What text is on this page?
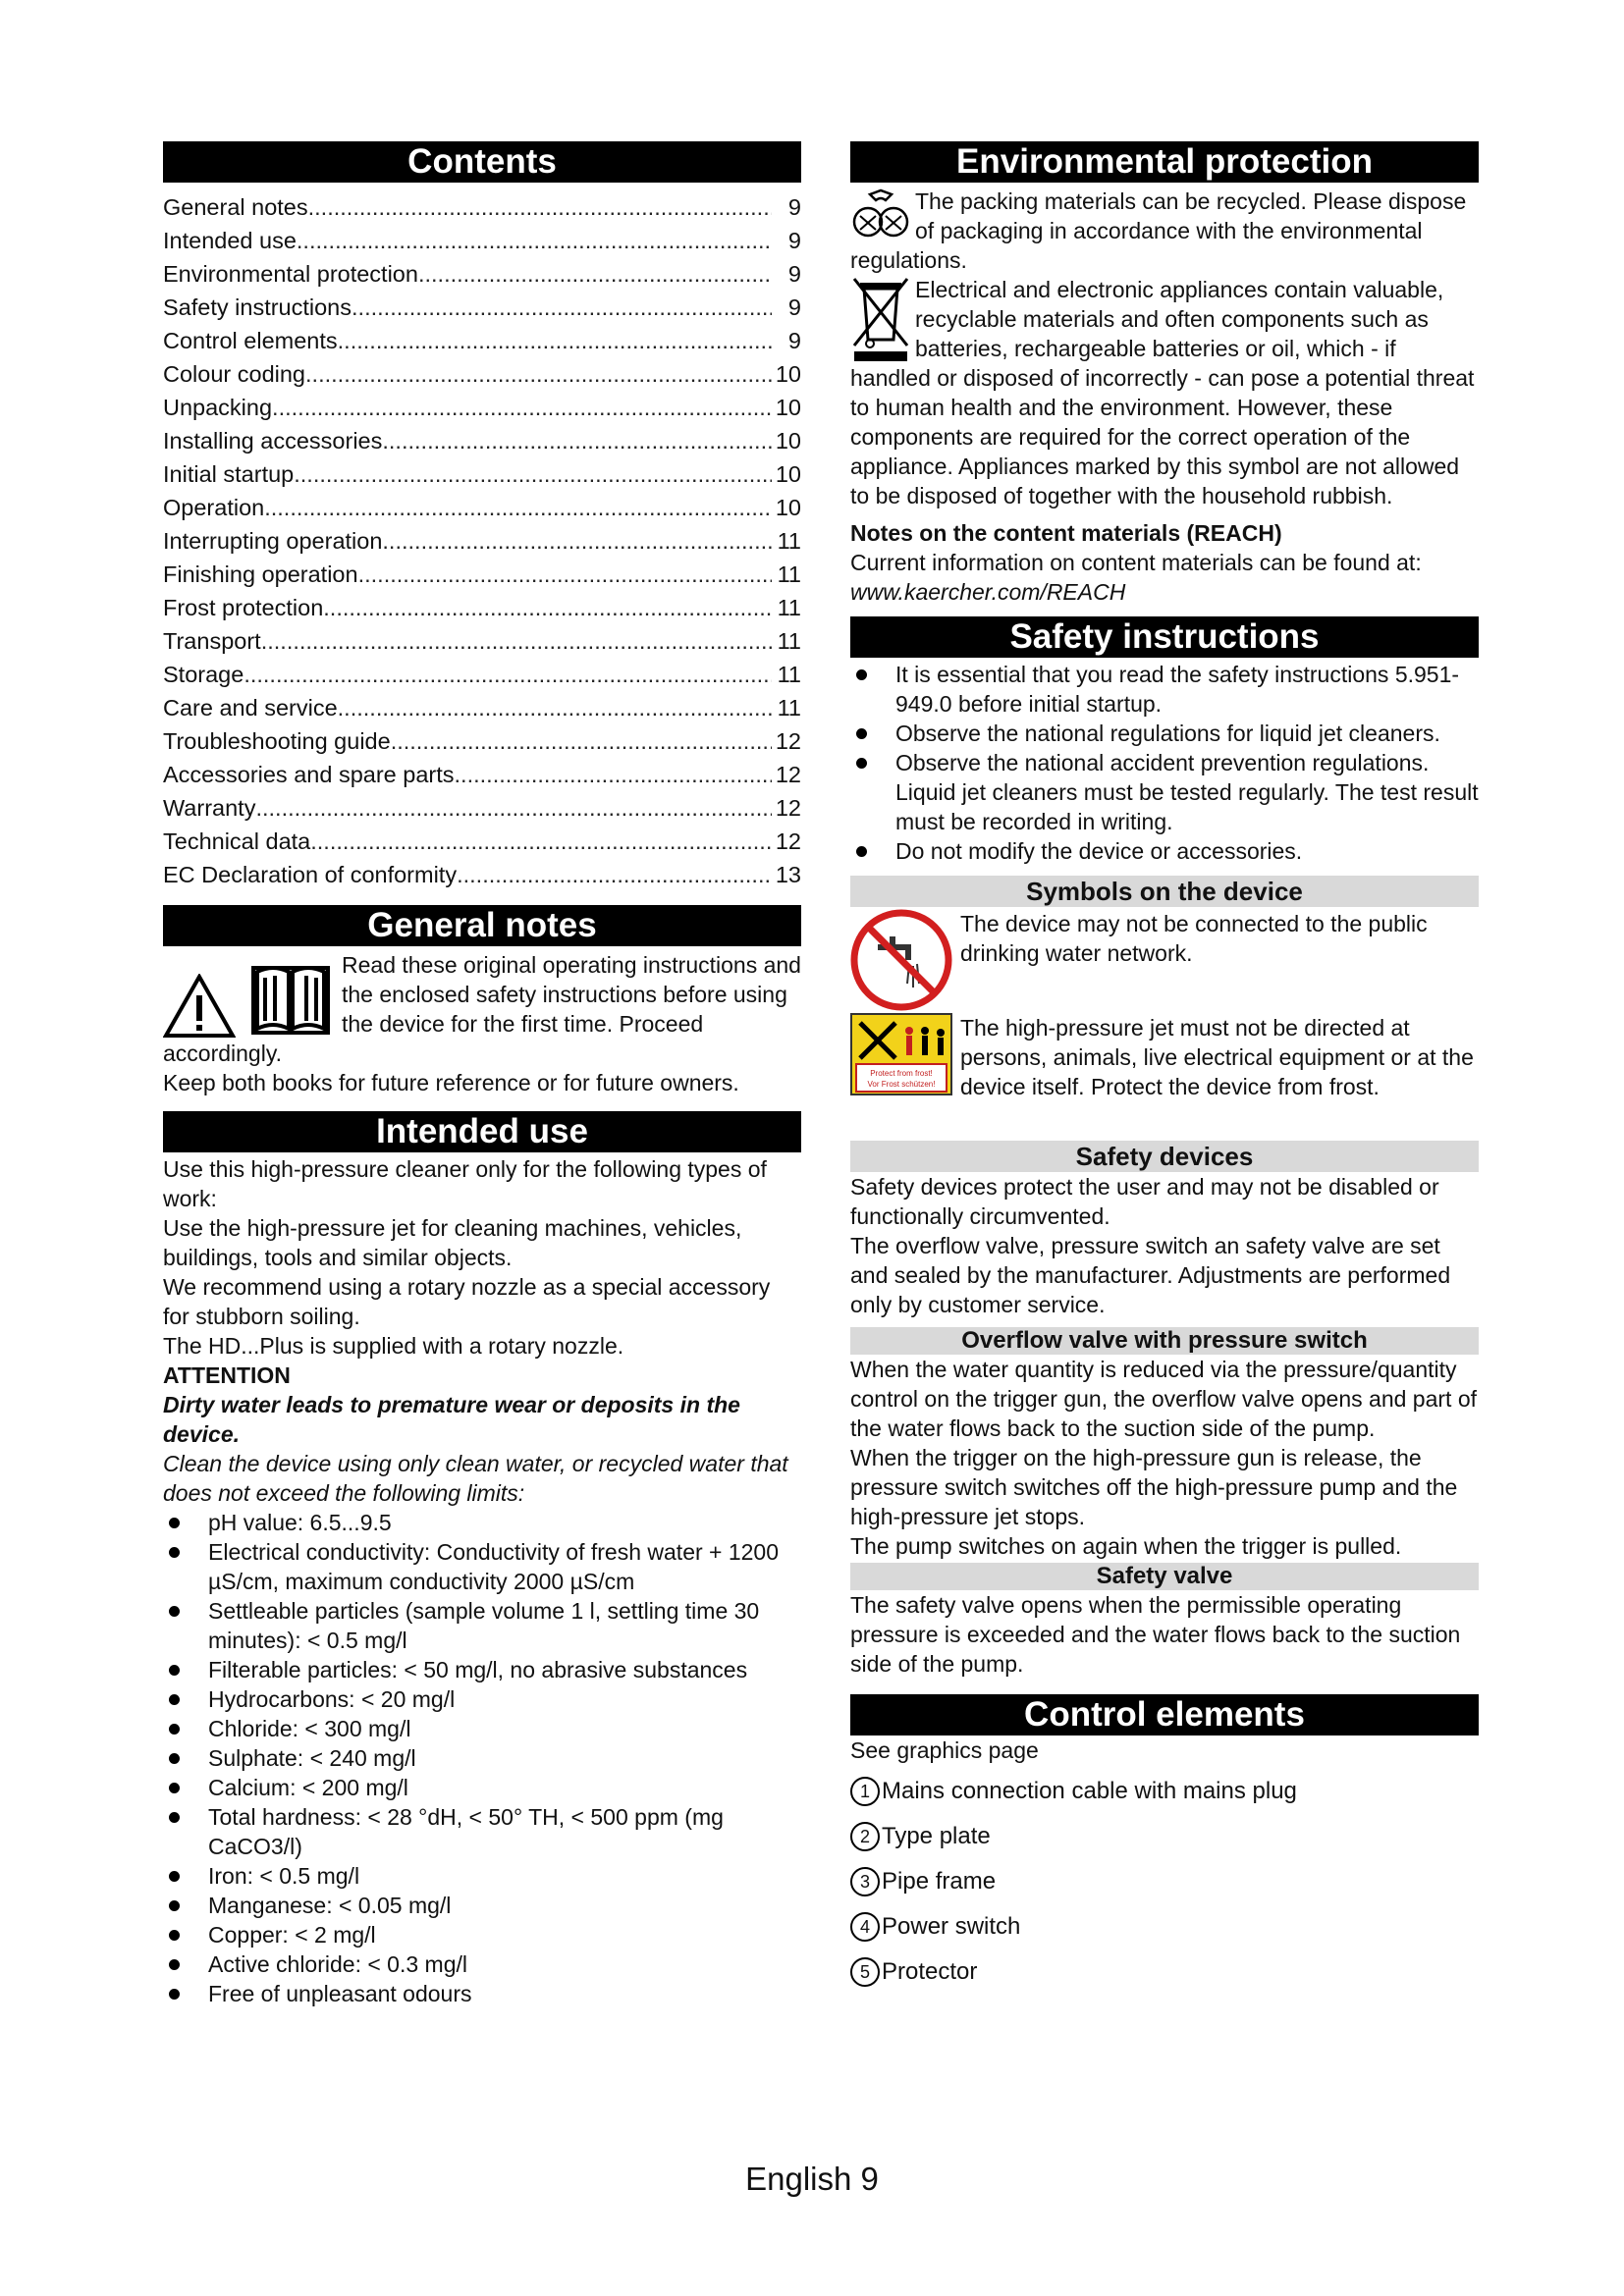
Contents
General notes .....	9
Intended use .....	9
Environmental protection .....	9
Safety instructions .....	9
Control elements .....	9
Colour coding .....	10
Unpacking .....	10
Installing accessories .....	10
Initial startup .....	10
Operation .....	10
Interrupting operation .....	11
Finishing operation .....	11
Frost protection .....	11
Transport .....	11
Storage .....	11
Care and service .....	11
Troubleshooting guide .....	12
Accessories and spare parts .....	12
Warranty .....	12
Technical data .....	12
EC Declaration of conformity .....	13
General notes

Read these original operating instructions and the enclosed safety instructions before using the device for the first time. Proceed accordingly.

Keep both books for future reference or for future owners.

Intended use

Use this high-pressure cleaner only for the following types of work:

Use the high-pressure jet for cleaning machines, vehicles, buildings, tools and similar objects.

We recommend using a rotary nozzle as a special accessory for stubborn soiling.

The HD...Plus is supplied with a rotary nozzle.

ATTENTION

Dirty water leads to premature wear or deposits in the device.

Clean the device using only clean water, or recycled water that does not exceed the following limits:

pH value: 6.5...9.5
Electrical conductivity: Conductivity of fresh water + 1200 µS/cm, maximum conductivity 2000 µS/cm
Settleable particles (sample volume 1 l, settling time 30 minutes): < 0.5 mg/l
Filterable particles: < 50 mg/l, no abrasive substances
Hydrocarbons: < 20 mg/l
Chloride: < 300 mg/l
Sulphate: < 240 mg/l
Calcium: < 200 mg/l
Total hardness: < 28 °dH, < 50° TH, < 500 ppm (mg CaCO3/l)
Iron: < 0.5 mg/l
Manganese: < 0.05 mg/l
Copper: < 2 mg/l
Active chloride: < 0.3 mg/l
Free of unpleasant odours
Environmental protection

The packing materials can be recycled. Please dispose of packaging in accordance with the environmental regulations.

Electrical and electronic appliances contain valuable, recyclable materials and often components such as batteries, rechargeable batteries or oil, which - if handled or disposed of incorrectly - can pose a potential threat to human health and the environment. However, these components are required for the correct operation of the appliance. Appliances marked by this symbol are not allowed to be disposed of together with the household rubbish.

Notes on the content materials (REACH)

Current information on content materials can be found at: www.kaercher.com/REACH

Safety instructions
It is essential that you read the safety instructions 5.951-949.0 before initial startup.
Observe the national regulations for liquid jet cleaners.
Observe the national accident prevention regulations. Liquid jet cleaners must be tested regularly. The test result must be recorded in writing.
Do not modify the device or accessories.
Symbols on the device

The device may not be connected to the public drinking water network.

Protect from frost!
Vor Frost schützen!

The high-pressure jet must not be directed at persons, animals, live electrical equipment or at the device itself. Protect the device from frost.

Safety devices

Safety devices protect the user and may not be disabled or functionally circumvented.

The overflow valve, pressure switch an safety valve are set and sealed by the manufacturer. Adjustments are performed only by customer service.

Overflow valve with pressure switch

When the water quantity is reduced via the pressure/quantity control on the trigger gun, the overflow valve opens and part of the water flows back to the suction side of the pump.

When the trigger on the high-pressure gun is release, the pressure switch switches off the high-pressure pump and the high-pressure jet stops.

The pump switches on again when the trigger is pulled.

Safety valve

The safety valve opens when the permissible operating pressure is exceeded and the water flows back to the suction side of the pump.

Control elements

See graphics page

1 Mains connection cable with mains plug
2 Type plate
3 Pipe frame
4 Power switch
5 Protector
English 9
